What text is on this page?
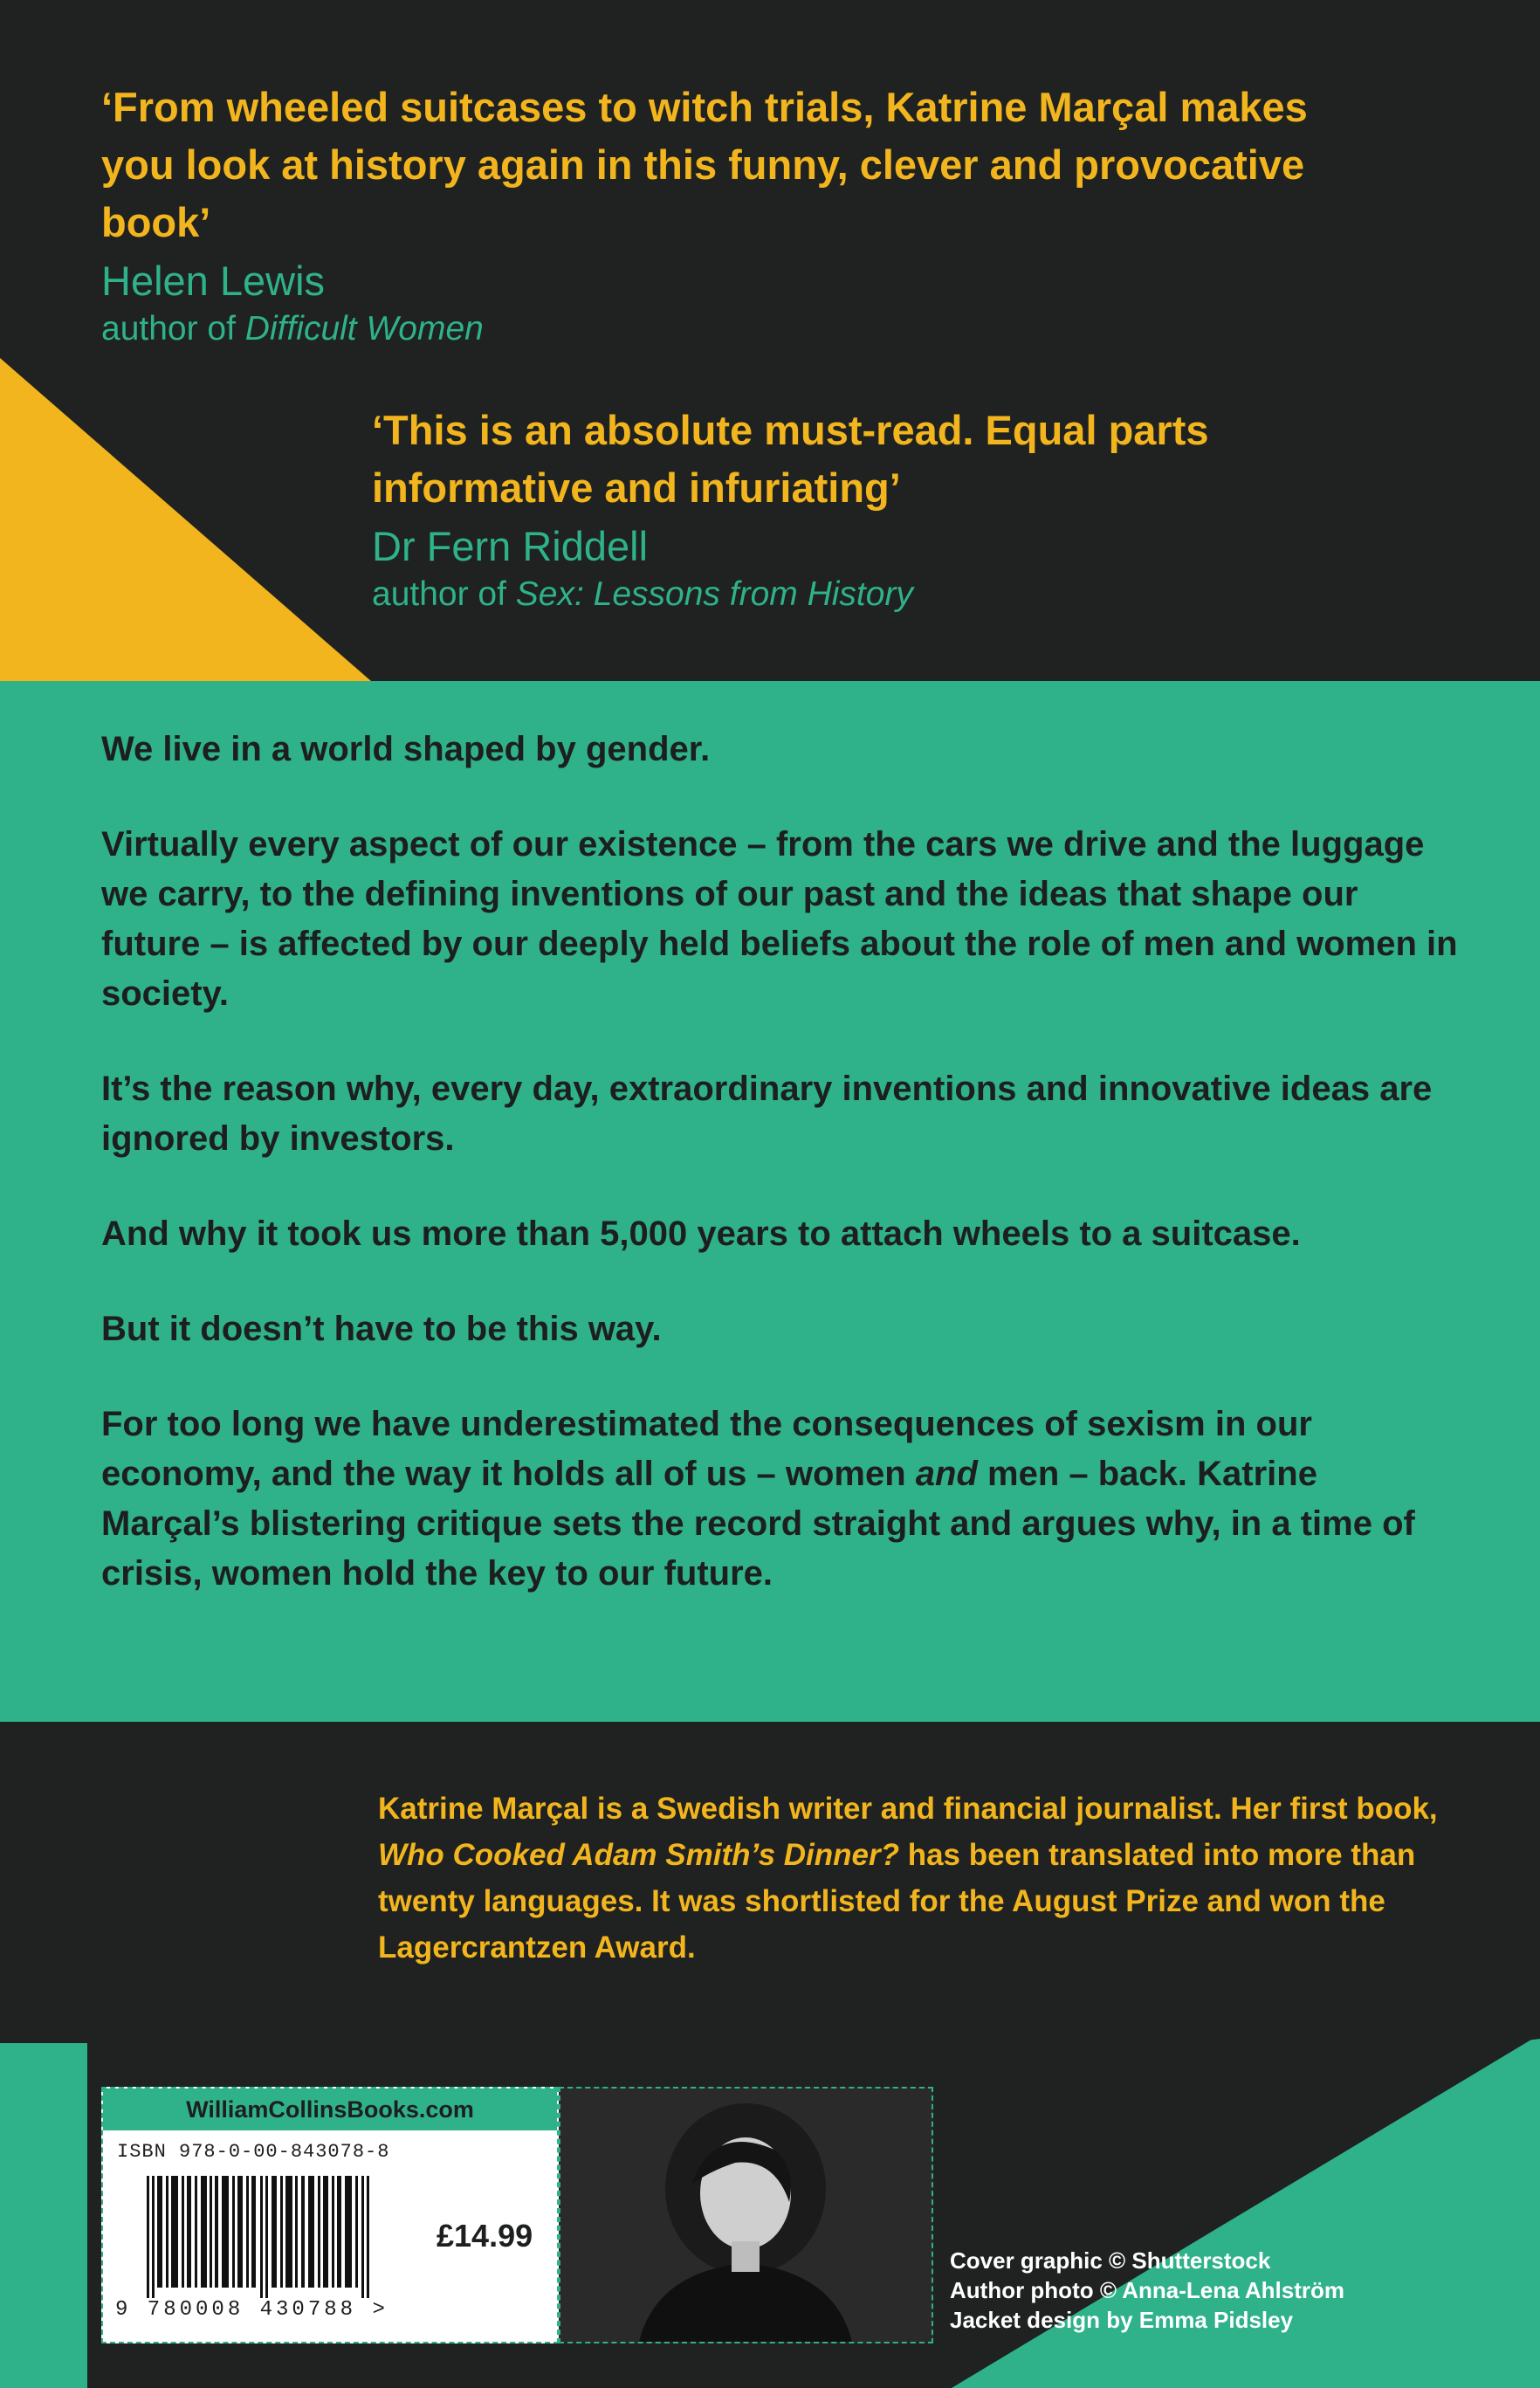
‘From wheeled suitcases to witch trials, Katrine Marçal makes you look at history again in this funny, clever and provocative book’

Helen Lewis
author of Difficult Women

‘This is an absolute must-read. Equal parts informative and infuriating’

Dr Fern Riddell
author of Sex: Lessons from History

We live in a world shaped by gender.

Virtually every aspect of our existence – from the cars we drive and the luggage we carry, to the defining inventions of our past and the ideas that shape our future – is affected by our deeply held beliefs about the role of men and women in society.

It’s the reason why, every day, extraordinary inventions and innovative ideas are ignored by investors.

And why it took us more than 5,000 years to attach wheels to a suitcase.

But it doesn’t have to be this way.

For too long we have underestimated the consequences of sexism in our economy, and the way it holds all of us – women and men – back. Katrine Marçal’s blistering critique sets the record straight and argues why, in a time of crisis, women hold the key to our future.

Katrine Marçal is a Swedish writer and financial journalist. Her first book, Who Cooked Adam Smith’s Dinner? has been translated into more than twenty languages. It was shortlisted for the August Prize and won the Lagercrantzen Award.
WilliamCollinsBooks.com
ISBN 978-0-00-843078-8
9 780008 430788 >
£14.99
Cover graphic © Shutterstock
Author photo © Anna-Lena Ahlström
Jacket design by Emma Pidsley
